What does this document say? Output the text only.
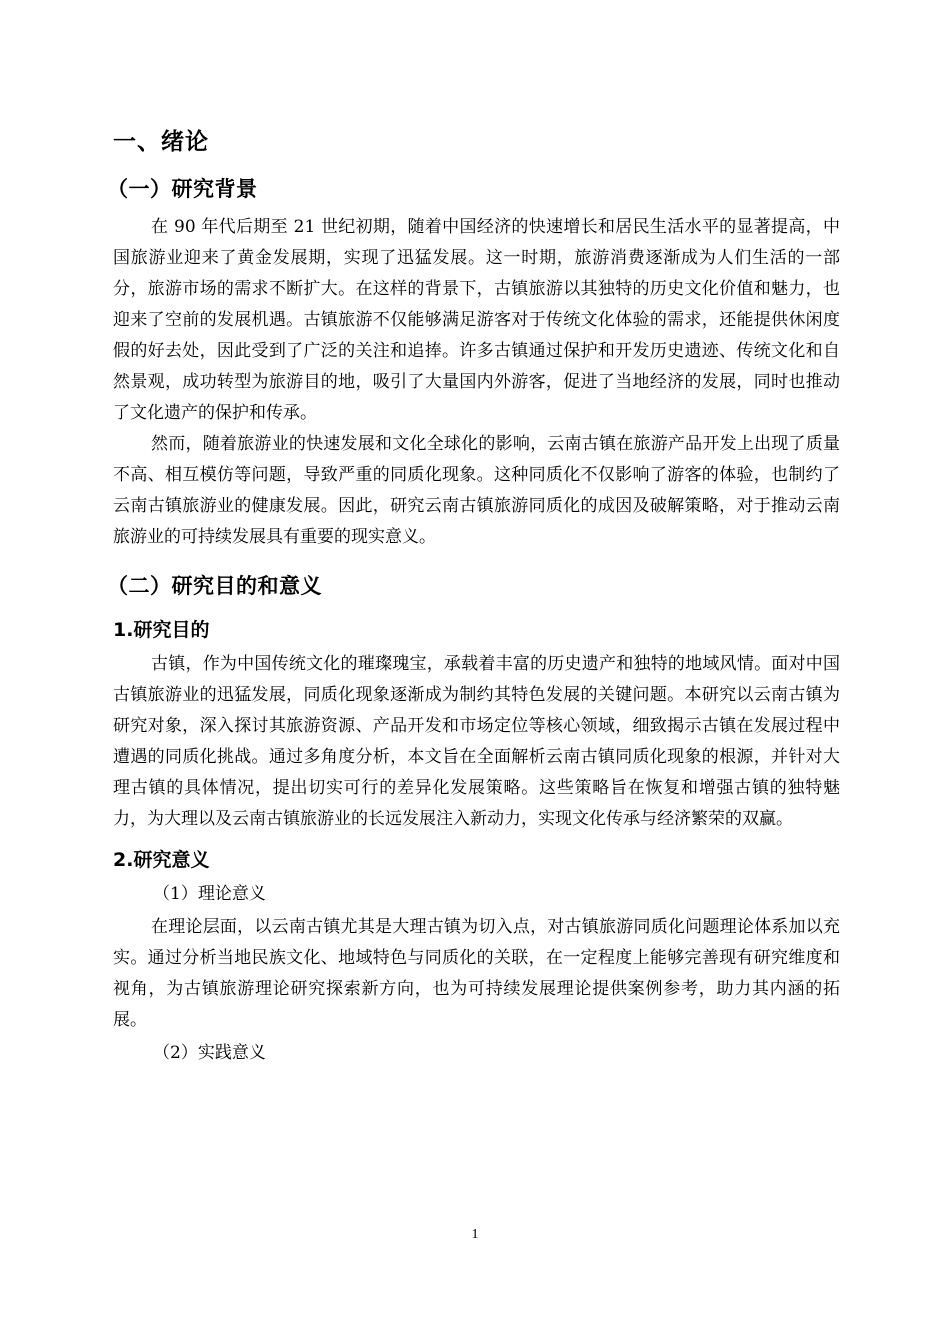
一、绪论
（一）研究背景

在 90 年代后期至 21 世纪初期，随着中国经济的快速增长和居民生活水平的显著提高，中国旅游业迎来了黄金发展期，实现了迅猛发展。这一时期，旅游消费逐渐成为人们生活的一部分，旅游市场的需求不断扩大。在这样的背景下，古镇旅游以其独特的历史文化价值和魅力，也迎来了空前的发展机遇。古镇旅游不仅能够满足游客对于传统文化体验的需求，还能提供休闲度假的好去处，因此受到了广泛的关注和追捧。许多古镇通过保护和开发历史遗迹、传统文化和自然景观，成功转型为旅游目的地，吸引了大量国内外游客，促进了当地经济的发展，同时也推动了文化遗产的保护和传承。

然而，随着旅游业的快速发展和文化全球化的影响，云南古镇在旅游产品开发上出现了质量不高、相互模仿等问题，导致严重的同质化现象。这种同质化不仅影响了游客的体验，也制约了云南古镇旅游业的健康发展。因此，研究云南古镇旅游同质化的成因及破解策略，对于推动云南旅游业的可持续发展具有重要的现实意义。

（二）研究目的和意义
1.研究目的

古镇，作为中国传统文化的璀璨瑰宝，承载着丰富的历史遗产和独特的地域风情。面对中国古镇旅游业的迅猛发展，同质化现象逐渐成为制约其特色发展的关键问题。本研究以云南古镇为研究对象，深入探讨其旅游资源、产品开发和市场定位等核心领域，细致揭示古镇在发展过程中遭遇的同质化挑战。通过多角度分析，本文旨在全面解析云南古镇同质化现象的根源，并针对大理古镇的具体情况，提出切实可行的差异化发展策略。这些策略旨在恢复和增强古镇的独特魅力，为大理以及云南古镇旅游业的长远发展注入新动力，实现文化传承与经济繁荣的双赢。

2.研究意义
（1）理论意义

在理论层面，以云南古镇尤其是大理古镇为切入点，对古镇旅游同质化问题理论体系加以充实。通过分析当地民族文化、地域特色与同质化的关联，在一定程度上能够完善现有研究维度和视角，为古镇旅游理论研究探索新方向，也为可持续发展理论提供案例参考，助力其内涵的拓展。

（2）实践意义
1
